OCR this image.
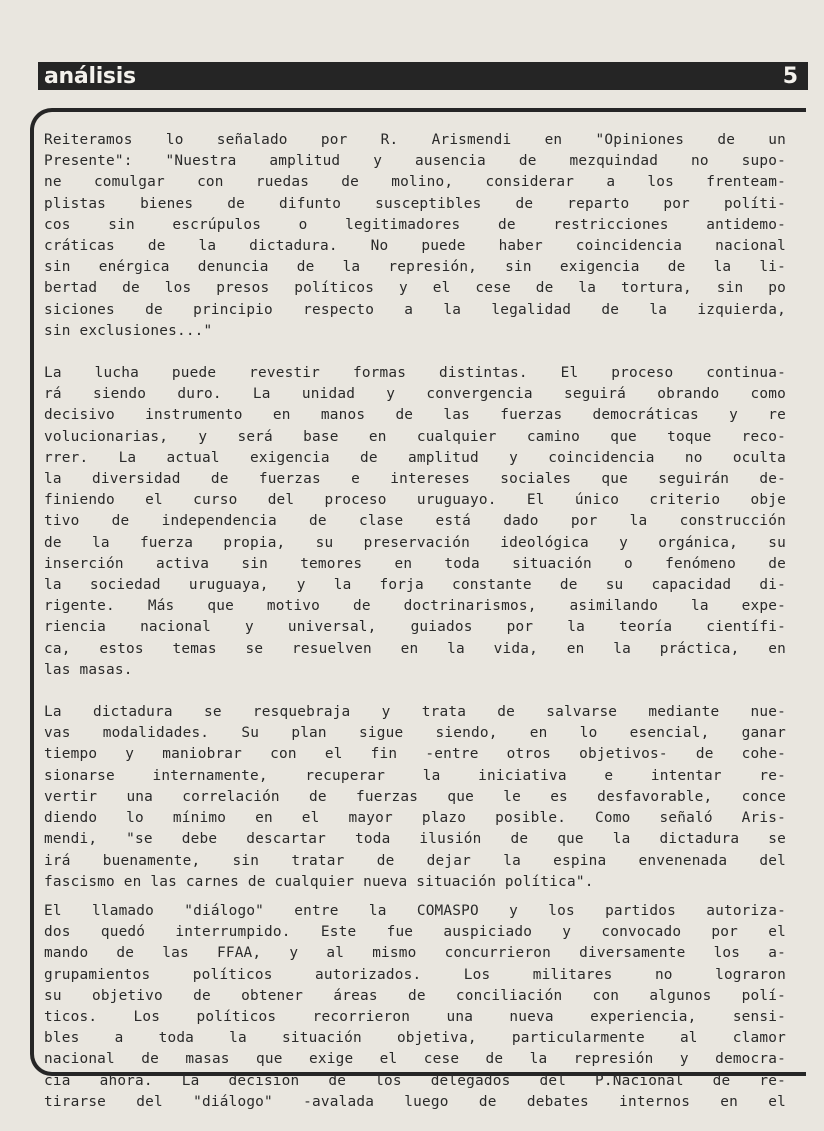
análisis	5
Reiteramos lo señalado por R. Arismendi en "Opiniones de un
Presente": "Nuestra amplitud y ausencia de mezquindad no supo-
ne comulgar con ruedas de molino, considerar a los frenteam-
plistas bienes de difunto susceptibles de reparto por políti-
cos sin escrúpulos o legitimadores de restricciones antidemo-
cráticas de la dictadura. No puede haber coincidencia nacional
sin enérgica denuncia de la represión, sin exigencia de la li-
bertad de los presos políticos y el cese de la tortura, sin po
siciones de principio respecto a la legalidad de la izquierda,
sin exclusiones..."
La lucha puede revestir formas distintas. El proceso continua-
rá siendo duro. La unidad y convergencia seguirá obrando como
decisivo instrumento en manos de las fuerzas democráticas y re
volucionarias, y será base en cualquier camino que toque reco-
rrer. La actual exigencia de amplitud y coincidencia no oculta
la diversidad de fuerzas e intereses sociales que seguirán de-
finiendo el curso del proceso uruguayo. El único criterio obje
tivo de independencia de clase está dado por la construcción
de la fuerza propia, su preservación ideológica y orgánica, su
inserción activa sin temores en toda situación o fenómeno de
la sociedad uruguaya, y la forja constante de su capacidad di-
rigente. Más que motivo de doctrinarismos, asimilando la expe-
riencia nacional y universal, guiados por la teoría científi-
ca, estos temas se resuelven en la vida, en la práctica, en
las masas.
La dictadura se resquebraja y trata de salvarse mediante nue-
vas modalidades. Su plan sigue siendo, en lo esencial, ganar
tiempo y maniobrar con el fin -entre otros objetivos- de cohe-
sionarse internamente, recuperar la iniciativa e intentar re-
vertir una correlación de fuerzas que le es desfavorable, conce
diendo lo mínimo en el mayor plazo posible. Como señaló Aris-
mendi, "se debe descartar toda ilusión de que la dictadura se
irá buenamente, sin tratar de dejar la espina envenenada del
fascismo en las carnes de cualquier nueva situación política".
El llamado "diálogo" entre la COMASPO y los partidos autoriza-
dos quedó interrumpido. Este fue auspiciado y convocado por el
mando de las FFAA, y al mismo concurrieron diversamente los a-
grupamientos políticos autorizados. Los militares no lograron
su objetivo de obtener áreas de conciliación con algunos polí-
ticos. Los políticos recorrieron una nueva experiencia, sensi-
bles a toda la situación objetiva, particularmente al clamor
nacional de masas que exige el cese de la represión y democra-
cia ahora. La decisión de los delegados del P.Nacional de re-
tirarse del "diálogo" -avalada luego de debates internos en el
